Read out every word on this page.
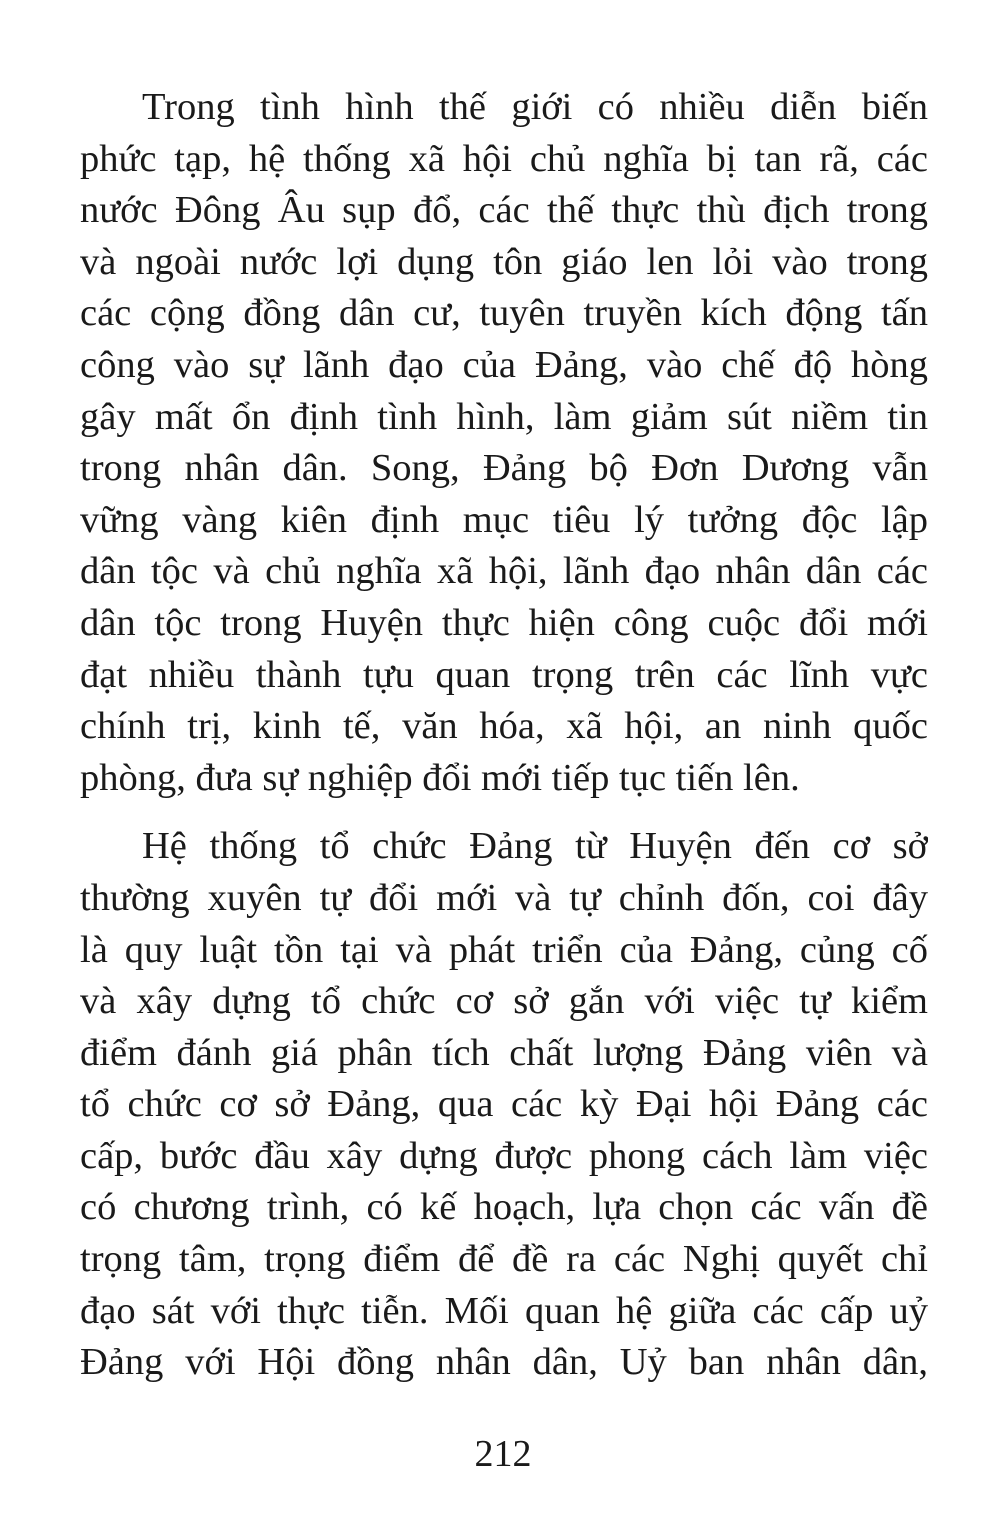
Trong tình hình thế giới có nhiều diễn biến
phức tạp, hệ thống xã hội chủ nghĩa bị tan rã, các
nước Đông Âu sụp đổ, các thế thực thù địch trong
và ngoài nước lợi dụng tôn giáo len lỏi vào trong
các cộng đồng dân cư, tuyên truyền kích động tấn
công vào sự lãnh đạo của Đảng, vào chế độ hòng
gây mất ổn định tình hình, làm giảm sút niềm tin
trong nhân dân. Song, Đảng bộ Đơn Dương vẫn
vững vàng kiên định mục tiêu lý tưởng độc lập
dân tộc và chủ nghĩa xã hội, lãnh đạo nhân dân các
dân tộc trong Huyện thực hiện công cuộc đổi mới
đạt nhiều thành tựu quan trọng trên các lĩnh vực
chính trị, kinh tế, văn hóa, xã hội, an ninh quốc
phòng, đưa sự nghiệp đổi mới tiếp tục tiến lên.
Hệ thống tổ chức Đảng từ Huyện đến cơ sở
thường xuyên tự đổi mới và tự chỉnh đốn, coi đây
là quy luật tồn tại và phát triển của Đảng, củng cố
và xây dựng tổ chức cơ sở gắn với việc tự kiểm
điểm đánh giá phân tích chất lượng Đảng viên và
tổ chức cơ sở Đảng, qua các kỳ Đại hội Đảng các
cấp, bước đầu xây dựng được phong cách làm việc
có chương trình, có kế hoạch, lựa chọn các vấn đề
trọng tâm, trọng điểm để đề ra các Nghị quyết chỉ
đạo sát với thực tiễn. Mối quan hệ giữa các cấp uỷ
Đảng với Hội đồng nhân dân, Uỷ ban nhân dân,
212
